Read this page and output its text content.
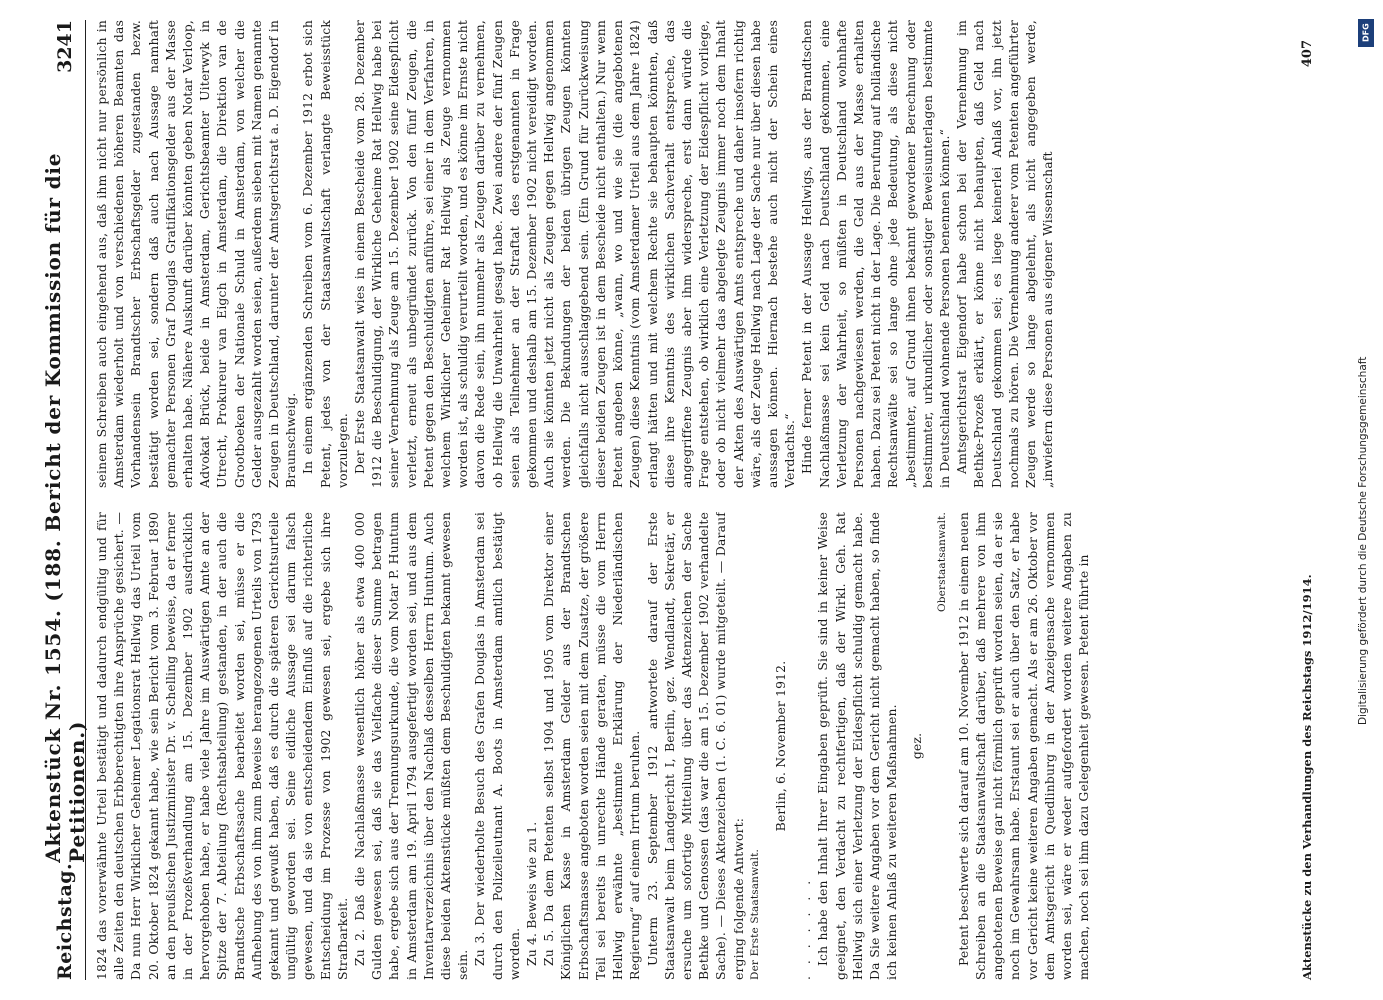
Reichstag.
Aktenstück Nr. 1554. (188. Bericht der Kommission für die Petitionen.)
3241

1824 das vorerwähnte Urteil bestätigt und dadurch endgültig und für alle Zeiten den deutschen Erbberechtigten ihre Ansprüche gesichert. — Da nun Herr Wirklicher Geheimer Legationsrat Hellwig das Urteil vom 20. Oktober 1824 gekannt habe, wie sein Bericht vom 3. Februar 1890 an den preußischen Justizminister Dr. v. Schelling beweise, da er ferner in der Prozeßverhandlung am 15. Dezember 1902 ausdrücklich hervorgehoben habe, er habe viele Jahre im Auswärtigen Amte an der Spitze der 7. Abteilung (Rechtsabteilung) gestanden, in der auch die Brandtsche Erbschaftssache bearbeitet worden sei, müsse er die Aufhebung des von ihm zum Beweise herangezogenen Urteils von 1793 gekannt und gewußt haben, daß es durch die späteren Gerichtsurteile ungültig geworden sei. Seine eidliche Aussage sei darum falsch gewesen, und da sie von entscheidendem Einfluß auf die richterliche Entscheidung im Prozesse von 1902 gewesen sei, ergebe sich ihre Strafbarkeit. Zu 2. Daß die Nachlaßmasse wesentlich höher als etwa 400 000 Gulden gewesen sei, daß sie das Vielfache dieser Summe betragen habe, ergebe sich aus der Trennungsurkunde, die vom Notar P. Huntum in Amsterdam am 19. April 1794 ausgefertigt worden sei, und aus dem Inventarverzeichnis über den Nachlaß desselben Herrn Huntum. Auch diese beiden Aktenstücke müßten dem Beschuldigten bekannt gewesen sein. Zu 3. Der wiederholte Besuch des Grafen Douglas in Amsterdam sei durch den Polizeileutnant A. Boots in Amsterdam amtlich bestätigt worden. Zu 4. Beweis wie zu 1. Zu 5. Da dem Petenten selbst 1904 und 1905 vom Direktor einer Königlichen Kasse in Amsterdam Gelder aus der Brandtschen Erbschaftsmasse angeboten worden seien mit dem Zusatze, der größere Teil sei bereits in unrechte Hände geraten, müsse die vom Herrn Hellwig erwähnte „bestimmte Erklärung der Niederländischen Regierung“ auf einem Irrtum beruhen. Unterm 23. September 1912 antwortete darauf der Erste Staatsanwalt beim Landgericht I, Berlin, gez. Wendlandt, Sekretär, er ersuche um sofortige Mitteilung über das Aktenzeichen der Sache Bethke und Genossen (das war die am 15. Dezember 1902 verhandelte Sache). — Dieses Aktenzeichen (1. C. 6. 01) wurde mitgeteilt. — Darauf erging folgende Antwort: Der Erste Staatsanwalt.

Berlin, 6. November 1912.

. . . . . . . Ich habe den Inhalt Ihrer Eingaben geprüft. Sie sind in keiner Weise geeignet, den Verdacht zu rechtfertigen, daß der Wirkl. Geh. Rat Hellwig sich einer Verletzung der Eidespflicht schuldig gemacht habe. Da Sie weitere Angaben vor dem Gericht nicht gemacht haben, so finde ich keinen Anlaß zu weiteren Maßnahmen. gez.

Oberstaatsanwalt. Petent beschwerte sich darauf am 10. November 1912 in einem neuen Schreiben an die Staatsanwaltschaft darüber, daß mehrere von ihm angebotenen Beweise gar nicht förmlich geprüft worden seien, da er sie noch im Gewahrsam habe. Erstaunt sei er auch über den Satz, er habe vor Gericht keine weiteren Angaben gemacht. Als er am 26. Oktober vor dem Amtsgericht in Quedlinburg in der Anzeigensache vernommen worden sei, wäre er weder aufgefordert worden weitere Angaben zu machen, noch sei ihm dazu Gelegenheit gewesen. Petent führte in

seinem Schreiben auch eingehend aus, daß ihm nicht nur persönlich in Amsterdam wiederholt und von verschiedenen höheren Beamten das Vorhandensein Brandtscher Erbschaftsgelder zugestanden bezw. bestätigt worden sei, sondern daß auch nach Aussage namhaft gemachter Personen Graf Douglas Gratifikationsgelder aus der Masse erhalten habe. Nähere Auskunft darüber könnten geben Notar Verloop, Advokat Brück, beide in Amsterdam, Gerichtsbeamter Uiterwyk in Utrecht, Prokureur van Eigch in Amsterdam, die Direktion van de Grootboeken der Nationale Schuld in Amsterdam, von welcher die Gelder ausgezahlt worden seien, außerdem sieben mit Namen genannte Zeugen in Deutschland, darunter der Amtsgerichtsrat a. D. Eigendorf in Braunschweig. In einem ergänzenden Schreiben vom 6. Dezember 1912 erbot sich Petent, jedes von der Staatsanwaltschaft verlangte Beweisstück vorzulegen. Der Erste Staatsanwalt wies in einem Bescheide vom 28. Dezember 1912 die Beschuldigung, der Wirkliche Geheime Rat Hellwig habe bei seiner Vernehmung als Zeuge am 15. Dezember 1902 seine Eidespflicht verletzt, erneut als unbegründet zurück. Von den fünf Zeugen, die Petent gegen den Beschuldigten anführe, sei einer in dem Verfahren, in welchem Wirklicher Geheimer Rat Hellwig als Zeuge vernommen worden ist, als schuldig verurteilt worden, und es könne im Ernste nicht davon die Rede sein, ihn nunmehr als Zeugen darüber zu vernehmen, ob Hellwig die Unwahrheit gesagt habe. Zwei andere der fünf Zeugen seien als Teilnehmer an der Straftat des erstgenannten in Frage gekommen und deshalb am 15. Dezember 1902 nicht vereidigt worden. Auch sie könnten jetzt nicht als Zeugen gegen Hellwig angenommen werden. Die Bekundungen der beiden übrigen Zeugen könnten gleichfalls nicht ausschlaggebend sein. (Ein Grund für Zurückweisung dieser beiden Zeugen ist in dem Bescheide nicht enthalten.) Nur wenn Petent angeben könne, „wann, wo und wie sie (die angebotenen Zeugen) diese Kenntnis (vom Amsterdamer Urteil aus dem Jahre 1824) erlangt hätten und mit welchem Rechte sie behaupten könnten, daß diese ihre Kenntnis des wirklichen Sachverhalt entspreche, das angegriffene Zeugnis aber ihm widerspreche, erst dann würde die Frage entstehen, ob wirklich eine Verletzung der Eidespflicht vorliege, oder ob nicht vielmehr das abgelegte Zeugnis immer noch dem Inhalt der Akten des Auswärtigen Amts entspreche und daher insofern richtig wäre, als der Zeuge Hellwig nach Lage der Sache nur über diesen habe aussagen können. Hiernach bestehe auch nicht der Schein eines Verdachts.“ Hinde ferner Petent in der Aussage Hellwigs, aus der Brandtschen Nachlaßmasse sei kein Geld nach Deutschland gekommen, eine Verletzung der Wahrheit, so müßten in Deutschland wohnhafte Personen nachgewiesen werden, die Geld aus der Masse erhalten haben. Dazu sei Petent nicht in der Lage. Die Berufung auf holländische Rechtsanwälte sei so lange ohne jede Bedeutung, als diese nicht „bestimmter, auf Grund ihnen bekannt gewordener Berechnung oder bestimmter, urkundlicher oder sonstiger Beweisunterlagen bestimmte in Deutschland wohnende Personen benennen können.“ Amtsgerichtsrat Eigendorf habe schon bei der Vernehmung im Bethke-Prozeß erklärt, er könne nicht behaupten, daß Geld nach Deutschland gekommen sei; es liege keinerlei Anlaß vor, ihn jetzt nochmals zu hören. Die Vernehmung anderer vom Petenten angeführter Zeugen werde so lange abgelehnt, als nicht angegeben werde, „inwiefern diese Personen aus eigener Wissenschaft

Aktenstücke zu den Verhandlungen des Reichstags 1912/1914.
407
DFG
Digitalisierung gefördert durch die Deutsche Forschungsgemeinschaft
